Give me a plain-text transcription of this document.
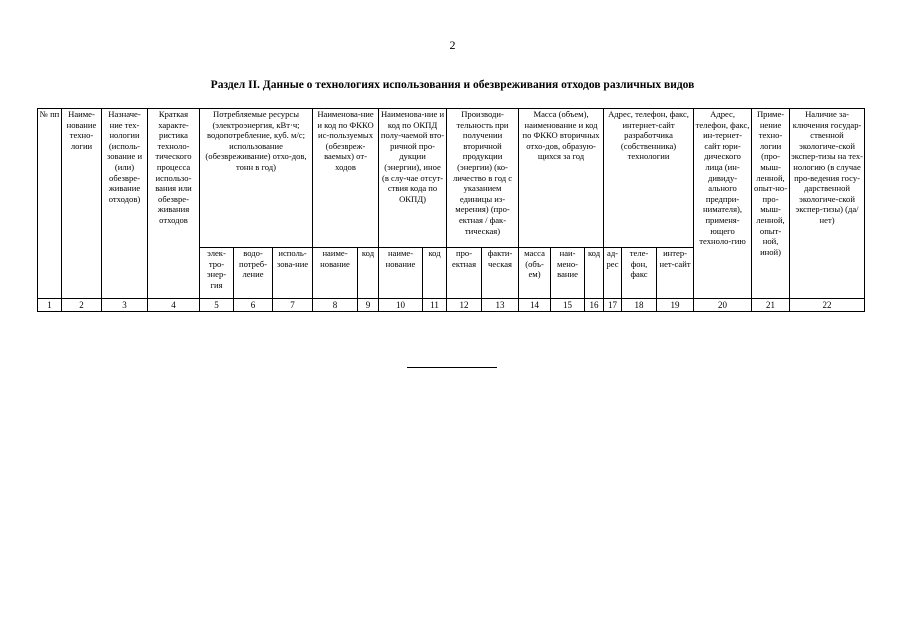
2
Раздел II. Данные о технологиях использования и обезвреживания отходов различных видов
№ пп	Наиме-нование техно-логии	Назначе-ние тех-нологии (исполь-зование и (или) обезвре-живание отходов)	Краткая характе-ристика техноло-тического процесса использо-вания или обезвре-живания отходов	Потребляемые ресурсы (электроэнергия, кВт·ч; водопотребление, куб. м/с; использование (обезвреживание) отхо-дов, тонн в год)			Наименова-ние и код по ФККО ис-пользуемых (обезвреж-ваемых) от-ходов		Наименова-ние и код по ОКПД полу-чаемой вто-ричной про-дукции (энергии), иное (в слу-чае отсут-ствия кода по ОКПД)		Производи-тельность при получении вторичной продукции (энергии) (ко-личество в год с указанием единицы из-мерения) (про-ектная / фак-тическая)		Масса (объем), наименование и код по ФККО вторичных отхо-дов, образую-щихся за год			Адрес, телефон, факс, интернет-сайт разработчика (собственника) технологии			Адрес, телефон, факс, ин-тернет-сайт юри-дического лица (ин-дивиду-ального предпри-нимателя), применя-ющего техноло-гию	Приме-нение техно-логии (про-мыш-ленной, опыт-но-про-мыш-ленной, опыт-ной, иной)	Наличие за-ключения государ-ственной экологиче-ской экспер-тизы на тех-нологию (в случае про-ведения госу-дарственной экологиче-ской экспер-тизы) (да/нет)
				элек-тро-энер-гия	водо-потреб-ление	исполь-зова-ние	наиме-нование	код	наиме-нование	код	про-ектная	факти-ческая	масса (объ-ем)	наи-мено-вание	код	ад-рес	теле-фон, факс	интер-нет-сайт			
1	2	3	4	5	6	7	8	9	10	11	12	13	14	15	16	17	18	19	20	21	22
